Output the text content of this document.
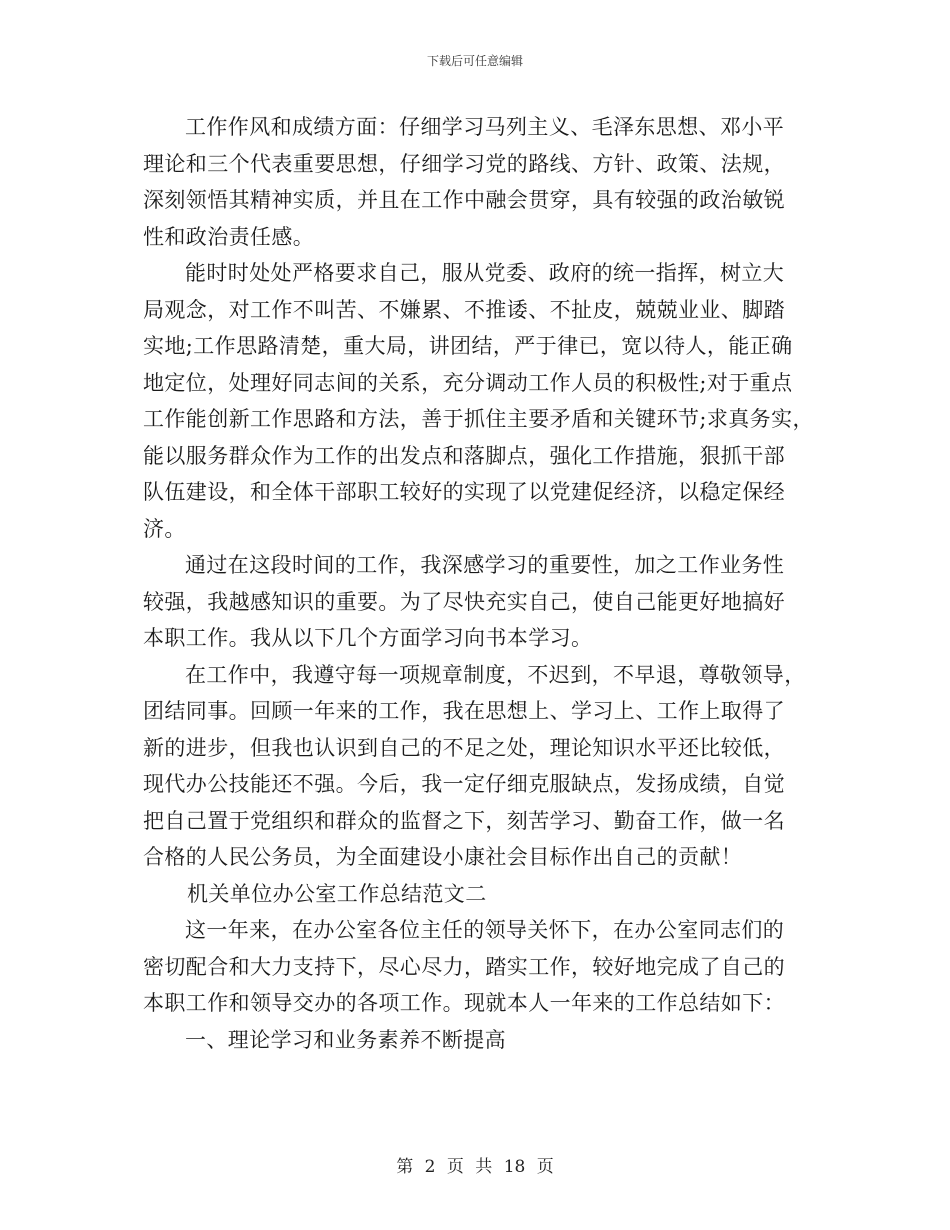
下载后可任意编辑
工作作风和成绩方面：仔细学习马列主义、毛泽东思想、邓小平
理论和三个代表重要思想，仔细学习党的路线、方针、政策、法规，
深刻领悟其精神实质，并且在工作中融会贯穿，具有较强的政治敏锐
性和政治责任感。
能时时处处严格要求自己，服从党委、政府的统一指挥，树立大
局观念，对工作不叫苦、不嫌累、不推诿、不扯皮，兢兢业业、脚踏
实地;工作思路清楚，重大局，讲团结，严于律已，宽以待人，能正确
地定位，处理好同志间的关系，充分调动工作人员的积极性;对于重点
工作能创新工作思路和方法，善于抓住主要矛盾和关键环节;求真务实，
能以服务群众作为工作的出发点和落脚点，强化工作措施，狠抓干部
队伍建设，和全体干部职工较好的实现了以党建促经济，以稳定保经
济。
通过在这段时间的工作，我深感学习的重要性，加之工作业务性
较强，我越感知识的重要。为了尽快充实自己，使自己能更好地搞好
本职工作。我从以下几个方面学习向书本学习。
在工作中，我遵守每一项规章制度，不迟到，不早退，尊敬领导，
团结同事。回顾一年来的工作，我在思想上、学习上、工作上取得了
新的进步，但我也认识到自己的不足之处，理论知识水平还比较低，
现代办公技能还不强。今后，我一定仔细克服缺点，发扬成绩，自觉
把自己置于党组织和群众的监督之下，刻苦学习、勤奋工作，做一名
合格的人民公务员，为全面建设小康社会目标作出自己的贡献！
机关单位办公室工作总结范文二
这一年来，在办公室各位主任的领导关怀下，在办公室同志们的
密切配合和大力支持下，尽心尽力，踏实工作，较好地完成了自己的
本职工作和领导交办的各项工作。现就本人一年来的工作总结如下：
一、理论学习和业务素养不断提高
第 2 页 共 18 页
